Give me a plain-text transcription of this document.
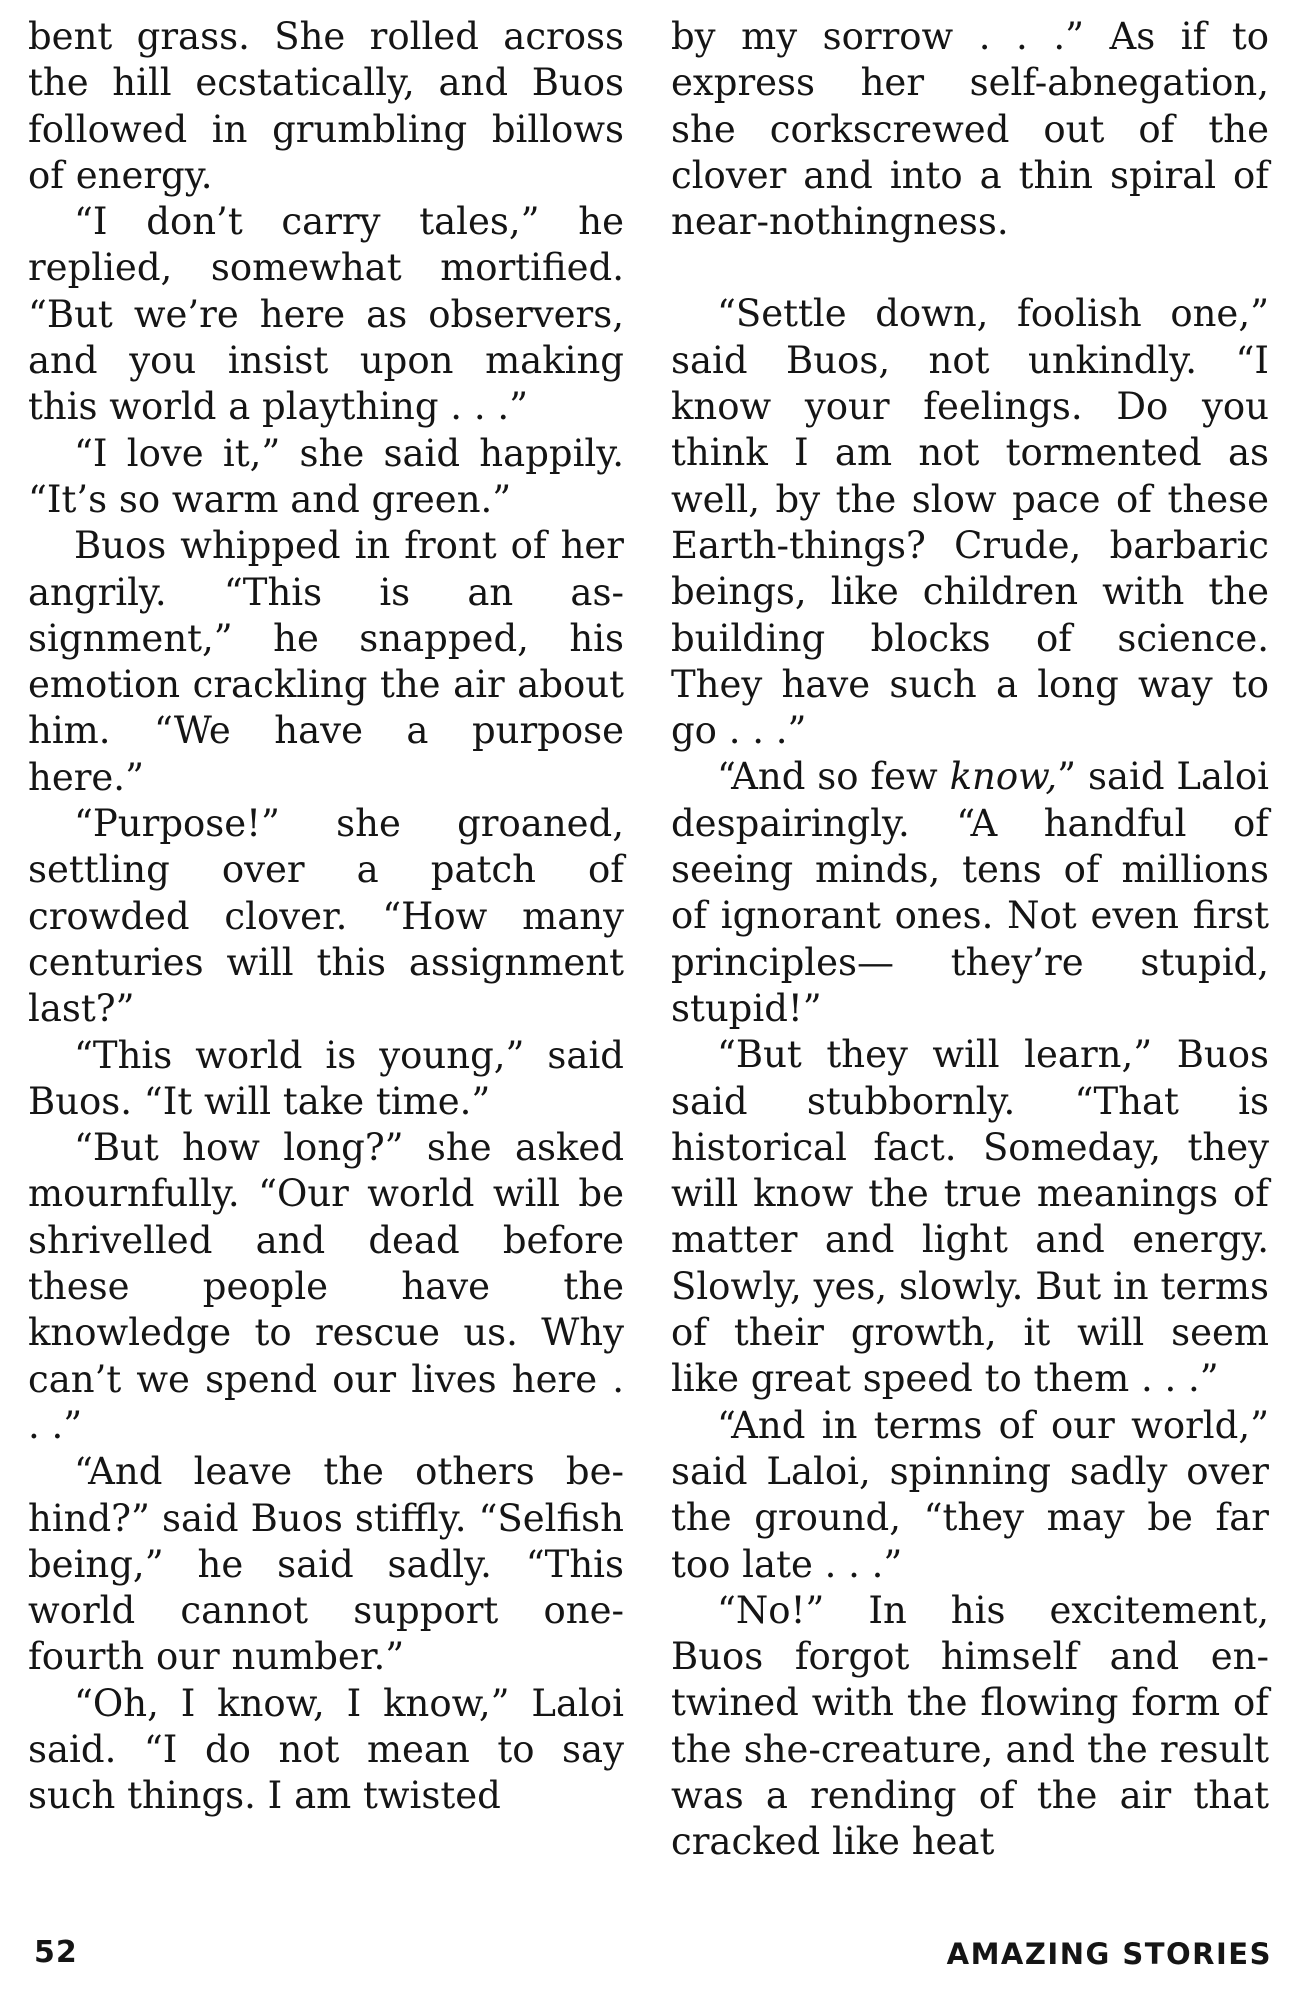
bent grass. She rolled across the hill ecstatically, and Buos followed in grumbling billows of energy.

“I don’t carry tales,” he replied, somewhat mortified. “But we’re here as observers, and you insist upon making this world a plaything . . .”

“I love it,” she said happily. “It’s so warm and green.”

Buos whipped in front of her angrily. “This is an assignment,” he snapped, his emotion crackling the air about him. “We have a purpose here.”

“Purpose!” she groaned, settling over a patch of crowded clover. “How many centuries will this assignment last?”

“This world is young,” said Buos. “It will take time.”

“But how long?” she asked mournfully. “Our world will be shrivelled and dead before these people have the knowledge to rescue us. Why can’t we spend our lives here . . .”

“And leave the others behind?” said Buos stiffly. “Selfish being,” he said sadly. “This world cannot support one-fourth our number.”

“Oh, I know, I know,” Laloi said. “I do not mean to say such things. I am twisted

by my sorrow . . .” As if to express her self-abnegation, she corkscrewed out of the clover and into a thin spiral of near-nothingness.

“Settle down, foolish one,” said Buos, not unkindly. “I know your feelings. Do you think I am not tormented as well, by the slow pace of these Earth-things? Crude, barbaric beings, like children with the building blocks of science. They have such a long way to go . . .”

“And so few know,” said Laloi despairingly. “A handful of seeing minds, tens of millions of ignorant ones. Not even first principles— they’re stupid, stupid!”

“But they will learn,” Buos said stubbornly. “That is historical fact. Someday, they will know the true meanings of matter and light and energy. Slowly, yes, slowly. But in terms of their growth, it will seem like great speed to them . . .”

“And in terms of our world,” said Laloi, spinning sadly over the ground, “they may be far too late . . .”

“No!” In his excitement, Buos forgot himself and entwined with the flowing form of the she-creature, and the result was a rending of the air that cracked like heat

52	AMAZING STORIES
